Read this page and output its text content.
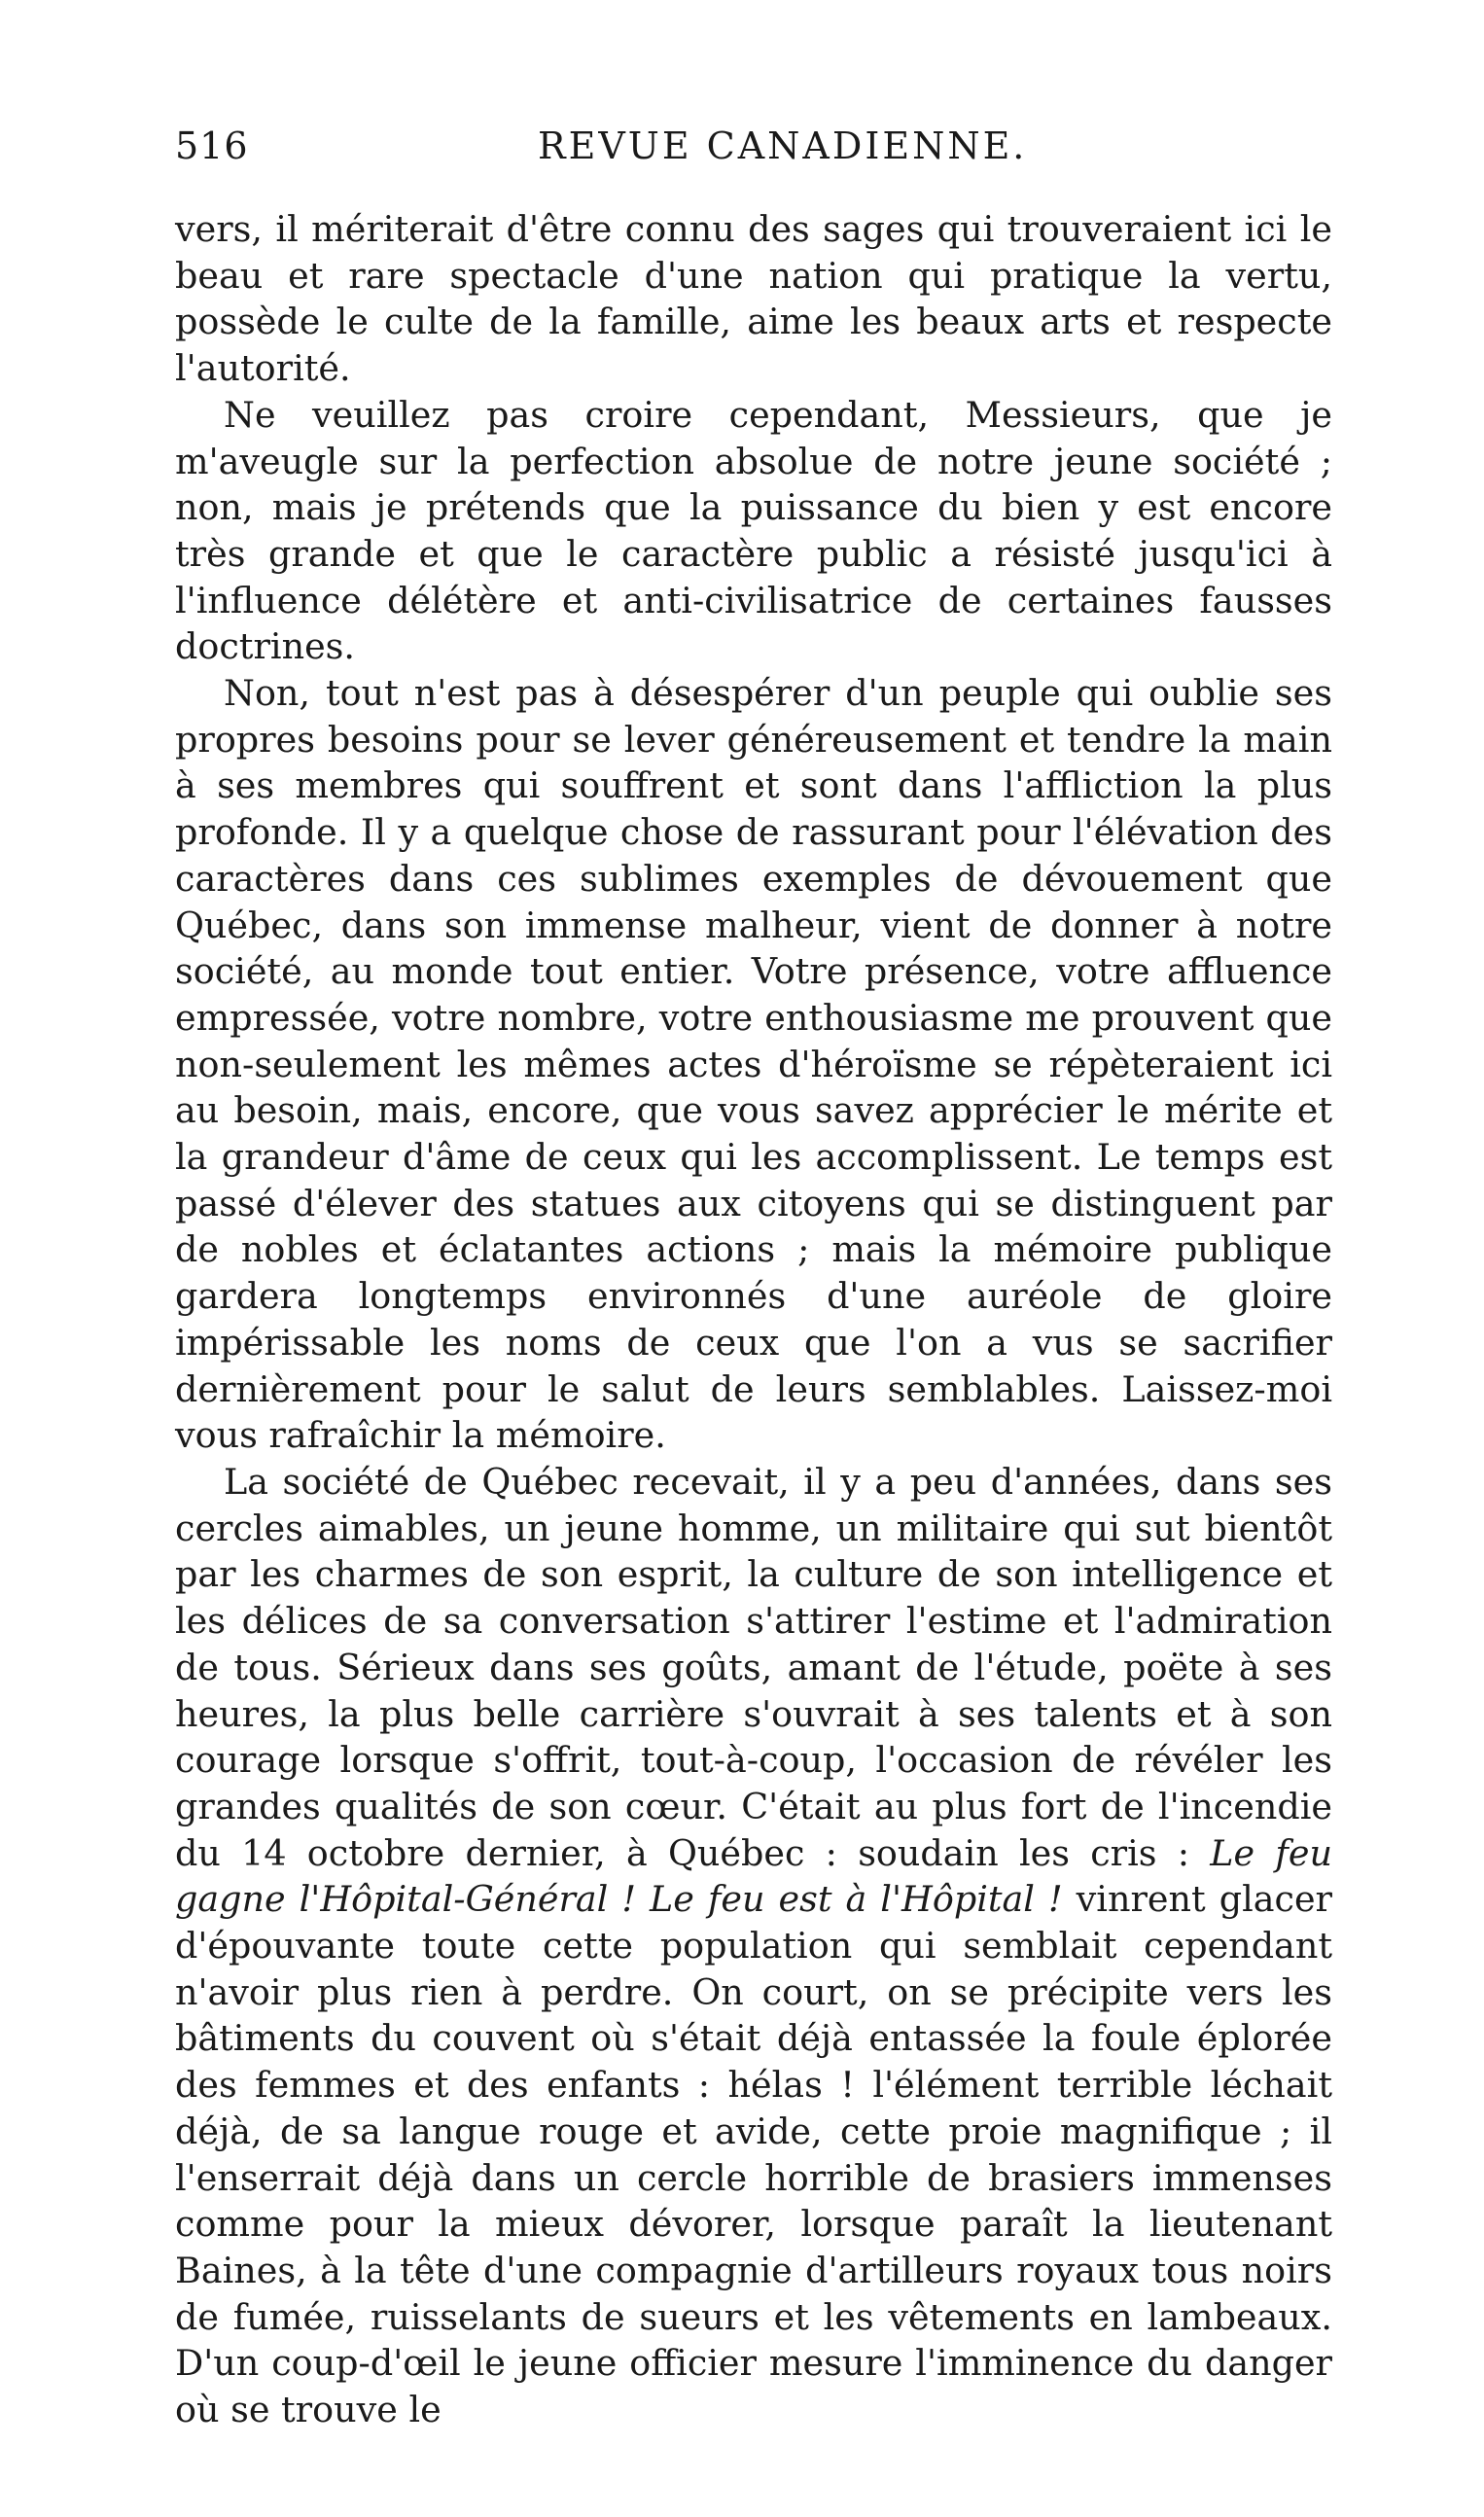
516	REVUE CANADIENNE.

vers, il mériterait d'être connu des sages qui trouveraient ici le beau et rare spectacle d'une nation qui pratique la vertu, possède le culte de la famille, aime les beaux arts et respecte l'autorité.

Ne veuillez pas croire cependant, Messieurs, que je m'aveugle sur la perfection absolue de notre jeune société ; non, mais je prétends que la puissance du bien y est encore très grande et que le caractère public a résisté jusqu'ici à l'influence délétère et anti-civilisatrice de certaines fausses doctrines.

Non, tout n'est pas à désespérer d'un peuple qui oublie ses propres besoins pour se lever généreusement et tendre la main à ses membres qui souffrent et sont dans l'affliction la plus profonde. Il y a quelque chose de rassurant pour l'élévation des caractères dans ces sublimes exemples de dévouement que Québec, dans son immense malheur, vient de donner à notre société, au monde tout entier. Votre présence, votre affluence empressée, votre nombre, votre enthousiasme me prouvent que non-seulement les mêmes actes d'héroïsme se répèteraient ici au besoin, mais, encore, que vous savez apprécier le mérite et la grandeur d'âme de ceux qui les accomplissent. Le temps est passé d'élever des statues aux citoyens qui se distinguent par de nobles et éclatantes actions ; mais la mémoire publique gardera longtemps environnés d'une auréole de gloire impérissable les noms de ceux que l'on a vus se sacrifier dernièrement pour le salut de leurs semblables. Laissez-moi vous rafraîchir la mémoire.

La société de Québec recevait, il y a peu d'années, dans ses cercles aimables, un jeune homme, un militaire qui sut bientôt par les charmes de son esprit, la culture de son intelligence et les délices de sa conversation s'attirer l'estime et l'admiration de tous. Sérieux dans ses goûts, amant de l'étude, poëte à ses heures, la plus belle carrière s'ouvrait à ses talents et à son courage lorsque s'offrit, tout-à-coup, l'occasion de révéler les grandes qualités de son cœur. C'était au plus fort de l'incendie du 14 octobre dernier, à Québec : soudain les cris : Le feu gagne l'Hôpital-Général ! Le feu est à l'Hôpital ! vinrent glacer d'épouvante toute cette population qui semblait cependant n'avoir plus rien à perdre. On court, on se précipite vers les bâtiments du couvent où s'était déjà entassée la foule éplorée des femmes et des enfants : hélas ! l'élément terrible léchait déjà, de sa langue rouge et avide, cette proie magnifique ; il l'enserrait déjà dans un cercle horrible de brasiers immenses comme pour la mieux dévorer, lorsque paraît la lieutenant Baines, à la tête d'une compagnie d'artilleurs royaux tous noirs de fumée, ruisselants de sueurs et les vêtements en lambeaux. D'un coup-d'œil le jeune officier mesure l'imminence du danger où se trouve le
